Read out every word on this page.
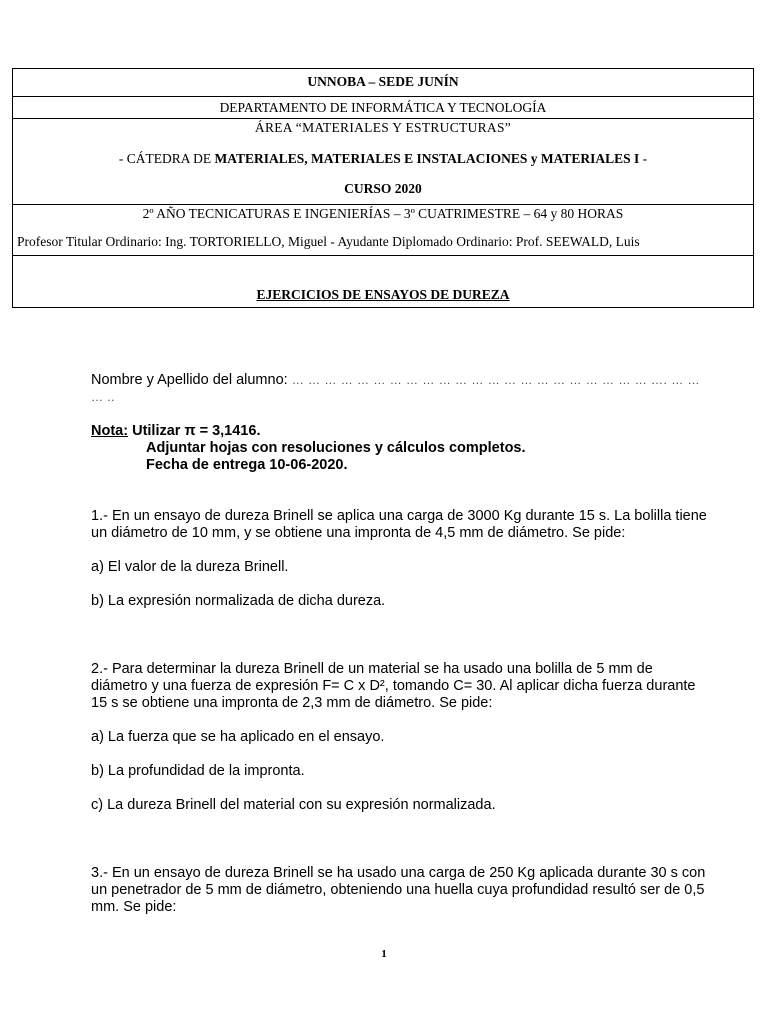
UNNOBA – SEDE JUNÍN
DEPARTAMENTO DE INFORMÁTICA Y TECNOLOGÍA
ÁREA “MATERIALES Y ESTRUCTURAS”
- CÁTEDRA DE MATERIALES, MATERIALES E INSTALACIONES y MATERIALES I -
CURSO 2020
2º AÑO TECNICATURAS E INGENIERÍAS – 3º CUATRIMESTRE – 64 y 80 HORAS
Profesor Titular Ordinario: Ing. TORTORIELLO, Miguel - Ayudante Diplomado Ordinario: Prof. SEEWALD, Luis
EJERCICIOS DE ENSAYOS DE DUREZA

Nombre y Apellido del alumno: … … … … … … … … … … … … … … … … … … … … … … …. … … … ..

Nota: Utilizar π = 3,1416.

Adjuntar hojas con resoluciones y cálculos completos.

Fecha de entrega 10-06-2020.

1.- En un ensayo de dureza Brinell se aplica una carga de 3000 Kg durante 15 s. La bolilla tiene un diámetro de 10 mm, y se obtiene una impronta de 4,5 mm de diámetro. Se pide:

a) El valor de la dureza Brinell.

b) La expresión normalizada de dicha dureza.

2.- Para determinar la dureza Brinell de un material se ha usado una bolilla de 5 mm de diámetro y una fuerza de expresión F= C x D², tomando C= 30. Al aplicar dicha fuerza durante 15 s se obtiene una impronta de 2,3 mm de diámetro. Se pide:

a) La fuerza que se ha aplicado en el ensayo.

b) La profundidad de la impronta.

c) La dureza Brinell del material con su expresión normalizada.

3.- En un ensayo de dureza Brinell se ha usado una carga de 250 Kg aplicada durante 30 s con un penetrador de 5 mm de diámetro, obteniendo una huella cuya profundidad resultó ser de 0,5 mm. Se pide:

1
